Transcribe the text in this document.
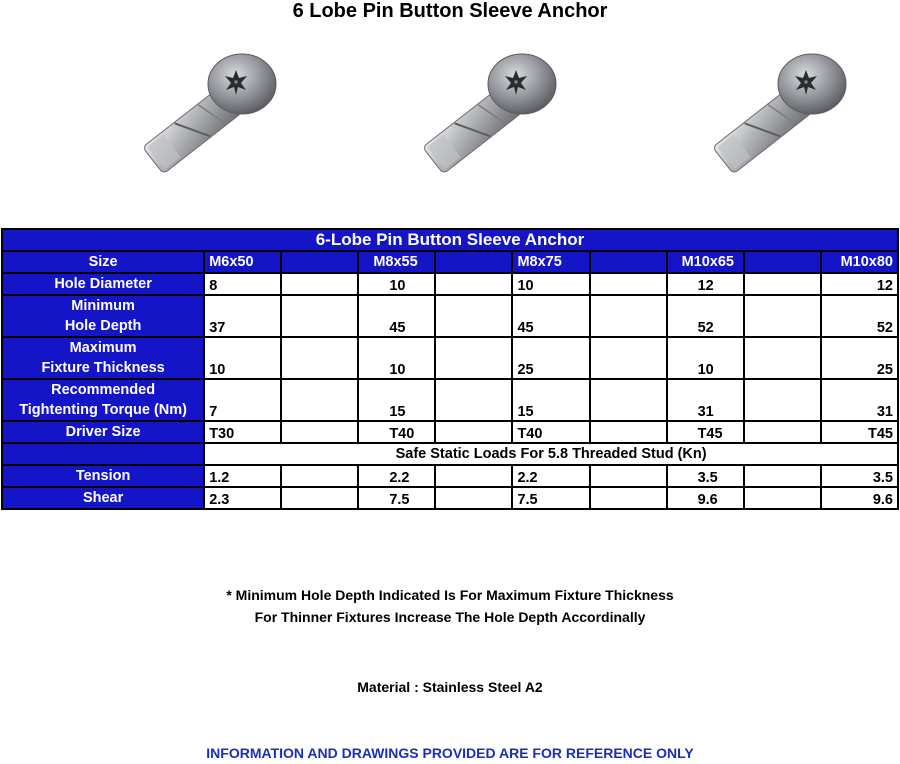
6 Lobe Pin Button Sleeve Anchor
6-Lobe Pin Button Sleeve Anchor									
Size	M6x50		M8x55		M8x75		M10x65		M10x80
Hole Diameter	8		10		10		12		12
Minimum
Hole Depth	37		45		45		52		52
Maximum
Fixture Thickness	10		10		25		10		25
Recommended
Tightenting Torque (Nm)	7		15		15		31		31
Driver Size	T30		T40		T40		T45		T45
	Safe Static Loads For 5.8 Threaded Stud (Kn)								
Tension	1.2		2.2		2.2		3.5		3.5
Shear	2.3		7.5		7.5		9.6		9.6
* Minimum Hole Depth Indicated Is For Maximum Fixture Thickness
For Thinner Fixtures Increase The Hole Depth Accordinally
Material : Stainless Steel A2
INFORMATION AND DRAWINGS PROVIDED ARE FOR REFERENCE ONLY
